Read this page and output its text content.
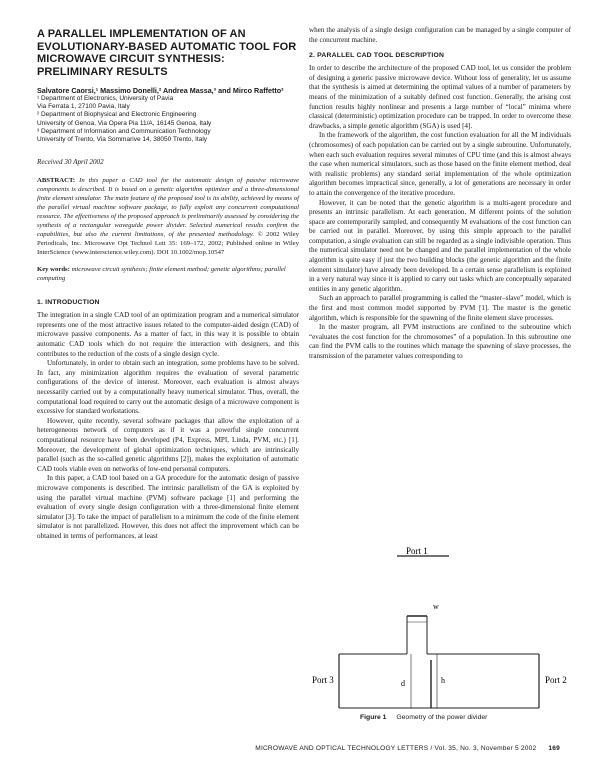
A PARALLEL IMPLEMENTATION OF AN EVOLUTIONARY-BASED AUTOMATIC TOOL FOR MICROWAVE CIRCUIT SYNTHESIS: PRELIMINARY RESULTS
Salvatore Caorsi,¹ Massimo Donelli,² Andrea Massa,³ and Mirco Raffetto²
¹ Department of Electronics, University of Pavia
Via Ferrata 1, 27100 Pavia, Italy
² Department of Biophysical and Electronic Engineering
University of Genoa, Via Opera Pia 11/A, 16145 Genoa, Italy
³ Department of Information and Communication Technology
University of Trento, Via Sommarive 14, 38050 Trento, Italy
Received 30 April 2002
ABSTRACT: In this paper a CAD tool for the automatic design of passive microwave components is described. It is based on a genetic algorithm optimizer and a three-dimensional finite element simulator. The main feature of the proposed tool is its ability, achieved by means of the parallel virtual machine software package, to fully exploit any concurrent computational resource. The effectiveness of the proposed approach is preliminarily assessed by considering the synthesis of a rectangular waveguide power divider. Selected numerical results confirm the capabilities, but also the current limitations, of the presented methodology. © 2002 Wiley Periodicals, Inc. Microwave Opt Technol Lett 35: 169–172, 2002; Published online in Wiley InterScience (www.interscience.wiley.com). DOI 10.1002/mop.10547
Key words: microwave circuit synthesis; finite element method; genetic algorithms; parallel computing
1. INTRODUCTION

The integration in a single CAD tool of an optimization program and a numerical simulator represents one of the most attractive issues related to the computer-aided design (CAD) of microwave passive components. As a matter of fact, in this way it is possible to obtain automatic CAD tools which do not require the interaction with designers, and this contributes to the reduction of the costs of a single design cycle.

Unfortunately, in order to obtain such an integration, some problems have to be solved. In fact, any minimization algorithm requires the evaluation of several parametric configurations of the device of interest. Moreover, each evaluation is almost always necessarily carried out by a computationally heavy numerical simulator. Thus, overall, the computational load required to carry out the automatic design of a microwave component is excessive for standard workstations.

However, quite recently, several software packages that allow the exploitation of a heterogeneous network of computers as if it was a powerful single concurrent computational resource have been developed (P4, Express, MPI, Linda, PVM, etc.) [1]. Moreover, the development of global optimization techniques, which are intrinsically parallel (such as the so-called genetic algorithms [2]), makes the exploitation of automatic CAD tools viable even on networks of low-end personal computers.

In this paper, a CAD tool based on a GA procedure for the automatic design of passive microwave components is described. The intrinsic parallelism of the GA is exploited by using the parallel virtual machine (PVM) software package [1] and performing the evaluation of every single design configuration with a three-dimensional finite element simulator [3]. To take the impact of parallelism to a minimum the code of the finite element simulator is not parallelized. However, this does not affect the improvement which can be obtained in terms of performances, at least

when the analysis of a single design configuration can be managed by a single computer of the concurrent machine.

2. PARALLEL CAD TOOL DESCRIPTION

In order to describe the architecture of the proposed CAD tool, let us consider the problem of designing a generic passive microwave device. Without loss of generality, let us assume that the synthesis is aimed at determining the optimal values of a number of parameters by means of the minimization of a suitably defined cost function. Generally, the arising cost function results highly nonlinear and presents a large number of “local” minima where classical (deterministic) optimization procedure can be trapped. In order to overcome these drawbacks, a simple genetic algorithm (SGA) is used [4].

In the framework of the algorithm, the cost function evaluation for all the M individuals (chromosomes) of each population can be carried out by a single subroutine. Unfortunately, when each such evaluation requires several minutes of CPU time (and this is almost always the case when numerical simulators, such as those based on the finite element method, deal with realistic problems) any standard serial implementation of the whole optimization algorithm becomes impractical since, generally, a lot of generations are necessary in order to attain the convergence of the iterative procedure.

However, it can be noted that the genetic algorithm is a multi-agent procedure and presents an intrinsic parallelism. At each generation, M different points of the solution space are contemporarily sampled, and consequently M evaluations of the cost function can be carried out in parallel. Moreover, by using this simple approach to the parallel computation, a single evaluation can still be regarded as a single indivisible operation. Thus the numerical simulator need not be changed and the parallel implementation of the whole algorithm is quite easy if just the two building blocks (the genetic algorithm and the finite element simulator) have already been developed. In a certain sense parallelism is exploited in a very natural way since it is applied to carry out tasks which are conceptually separated entities in any genetic algorithm.

Such an approach to parallel programming is called the “master–slave” model, which is the first and most common model supported by PVM [1]. The master is the genetic algorithm, which is responsible for the spawning of the finite element slave processes.

In the master program, all PVM instructions are confined to the subroutine which “evaluates the cost function for the chromosomes” of a population. In this subroutine one can find the PVM calls to the routines which manage the spawning of slave processes, the transmission of the parameter values corresponding to

Port 1
w
Port 3	Port 2
h
d
Figure 1 Geometry of the power divider
MICROWAVE AND OPTICAL TECHNOLOGY LETTERS / Vol. 35, No. 3, November 5 2002 169
